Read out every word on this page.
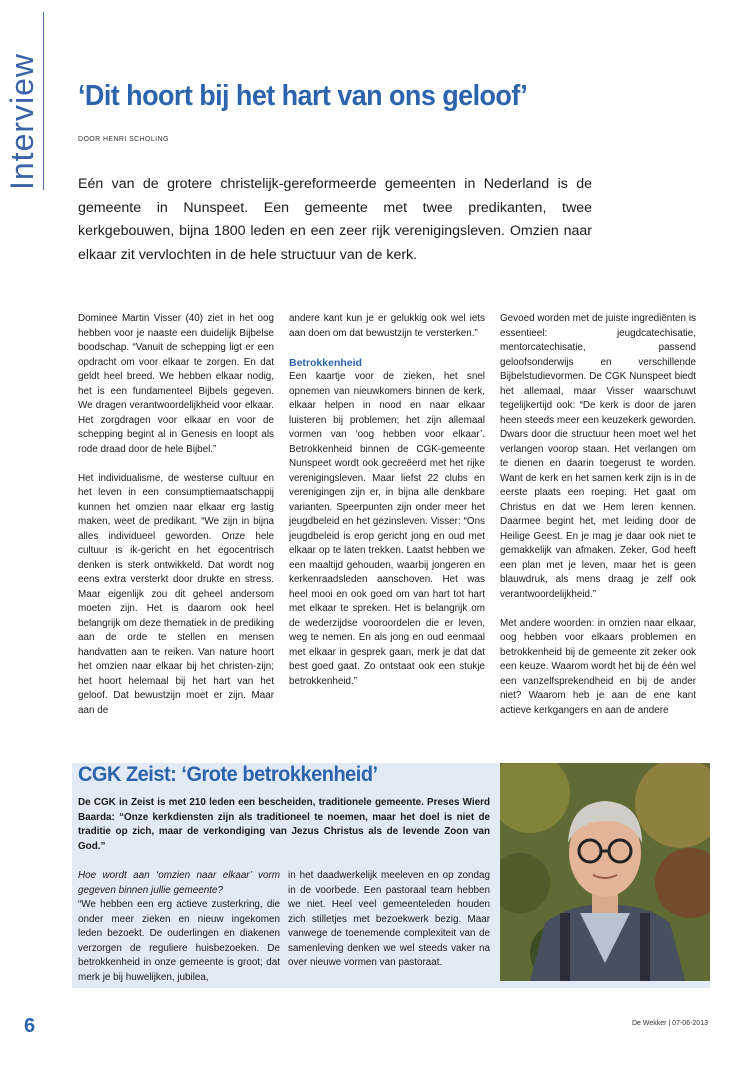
Interview ‘Dit hoort bij het hart van ons geloof’
DOOR HENRI SCHOLING

Eén van de grotere christelijk-gereformeerde gemeenten in Nederland is de gemeente in Nunspeet. Een gemeente met twee predikanten, twee kerkgebouwen, bijna 1800 leden en een zeer rijk verenigingsleven. Omzien naar elkaar zit vervlochten in de hele structuur van de kerk.

Dominee Martin Visser (40) ziet in het oog hebben voor je naaste een duidelijk Bijbelse boodschap. “Vanuit de schepping ligt er een opdracht om voor elkaar te zorgen. En dat geldt heel breed. We hebben elkaar nodig, het is een fundamenteel Bijbels gegeven. We dragen verantwoordelijkheid voor elkaar. Het zorgdragen voor elkaar en voor de schepping begint al in Genesis en loopt als rode draad door de hele Bijbel.”

Het individualisme, de westerse cultuur en het leven in een consumptiemaatschappij kunnen het omzien naar elkaar erg lastig maken, weet de predikant. “We zijn in bijna alles individueel geworden. Onze hele cultuur is ik-gericht en het egocentrisch denken is sterk ontwikkeld. Dat wordt nog eens extra versterkt door drukte en stress. Maar eigenlijk zou dit geheel andersom moeten zijn. Het is daarom ook heel belangrijk om deze thematiek in de prediking aan de orde te stellen en mensen handvatten aan te reiken. Van nature hoort het omzien naar elkaar bij het christen-zijn; het hoort helemaal bij het hart van het geloof. Dat bewustzijn moet er zijn. Maar aan de

andere kant kun je er gelukkig ook wel iets aan doen om dat bewustzijn te versterken.”

Betrokkenheid

Een kaartje voor de zieken, het snel opnemen van nieuwkomers binnen de kerk, elkaar helpen in nood en naar elkaar luisteren bij problemen; het zijn allemaal vormen van ‘oog hebben voor elkaar’. Betrokkenheid binnen de CGK-gemeente Nunspeet wordt ook gecreëerd met het rijke verenigingsleven. Maar liefst 22 clubs en verenigingen zijn er, in bijna alle denkbare varianten. Speerpunten zijn onder meer het jeugdbeleid en het gezinsleven. Visser: “Ons jeugdbeleid is erop gericht jong en oud met elkaar op te laten trekken. Laatst hebben we een maaltijd gehouden, waarbij jongeren en kerkenraadsleden aanschoven. Het was heel mooi en ook goed om van hart tot hart met elkaar te spreken. Het is belangrijk om de wederzijdse vooroordelen die er leven, weg te nemen. En als jong en oud eenmaal met elkaar in gesprek gaan, merk je dat dat best goed gaat. Zo ontstaat ook een stukje betrokkenheid.”

Gevoed worden met de juiste ingrediënten is essentieel: jeugdcatechisatie, mentorcatechisatie, passend geloofsonderwijs en verschillende Bijbelstudievormen. De CGK Nunspeet biedt het allemaal, maar Visser waarschuwt tegelijkertijd ook: “De kerk is door de jaren heen steeds meer een keuzekerk geworden. Dwars door die structuur heen moet wel het verlangen voorop staan. Het verlangen om te dienen en daarin toegerust te worden. Want de kerk en het samen kerk zijn is in de eerste plaats een roeping. Het gaat om Christus en dat we Hem leren kennen. Daarmee begint het, met leiding door de Heilige Geest. En je mag je daar ook niet te gemakkelijk van afmaken. Zeker, God heeft een plan met je leven, maar het is geen blauwdruk, als mens draag je zelf ook verantwoordelijkheid.”

Met andere woorden: in omzien naar elkaar, oog hebben voor elkaars problemen en betrokkenheid bij de gemeente zit zeker ook een keuze. Waarom wordt het bij de één wel een vanzelfsprekendheid en bij de ander niet? Waarom heb je aan de ene kant actieve kerkgangers en aan de andere

CGK Zeist: ‘Grote betrokkenheid’

De CGK in Zeist is met 210 leden een bescheiden, traditionele gemeente. Preses Wierd Baarda: “Onze kerkdiensten zijn als traditioneel te noemen, maar het doel is niet de traditie op zich, maar de verkondiging van Jezus Christus als de levende Zoon van God.”

Hoe wordt aan ‘omzien naar elkaar’ vorm gegeven binnen jullie gemeente?

“We hebben een erg actieve zusterkring, die onder meer zieken en nieuw ingekomen leden bezoekt. De ouderlingen en diakenen verzorgen de reguliere huisbezoeken. De betrokkenheid in onze gemeente is groot; dat merk je bij huwelijken, jubilea,

in het daadwerkelijk meeleven en op zondag in de voorbede. Een pastoraal team hebben we niet. Heel veel gemeenteleden houden zich stilletjes met bezoekwerk bezig. Maar vanwege de toenemende complexiteit van de samenleving denken we wel steeds vaker na over nieuwe vormen van pastoraat.

6	De Wekker | 07-06-2013
